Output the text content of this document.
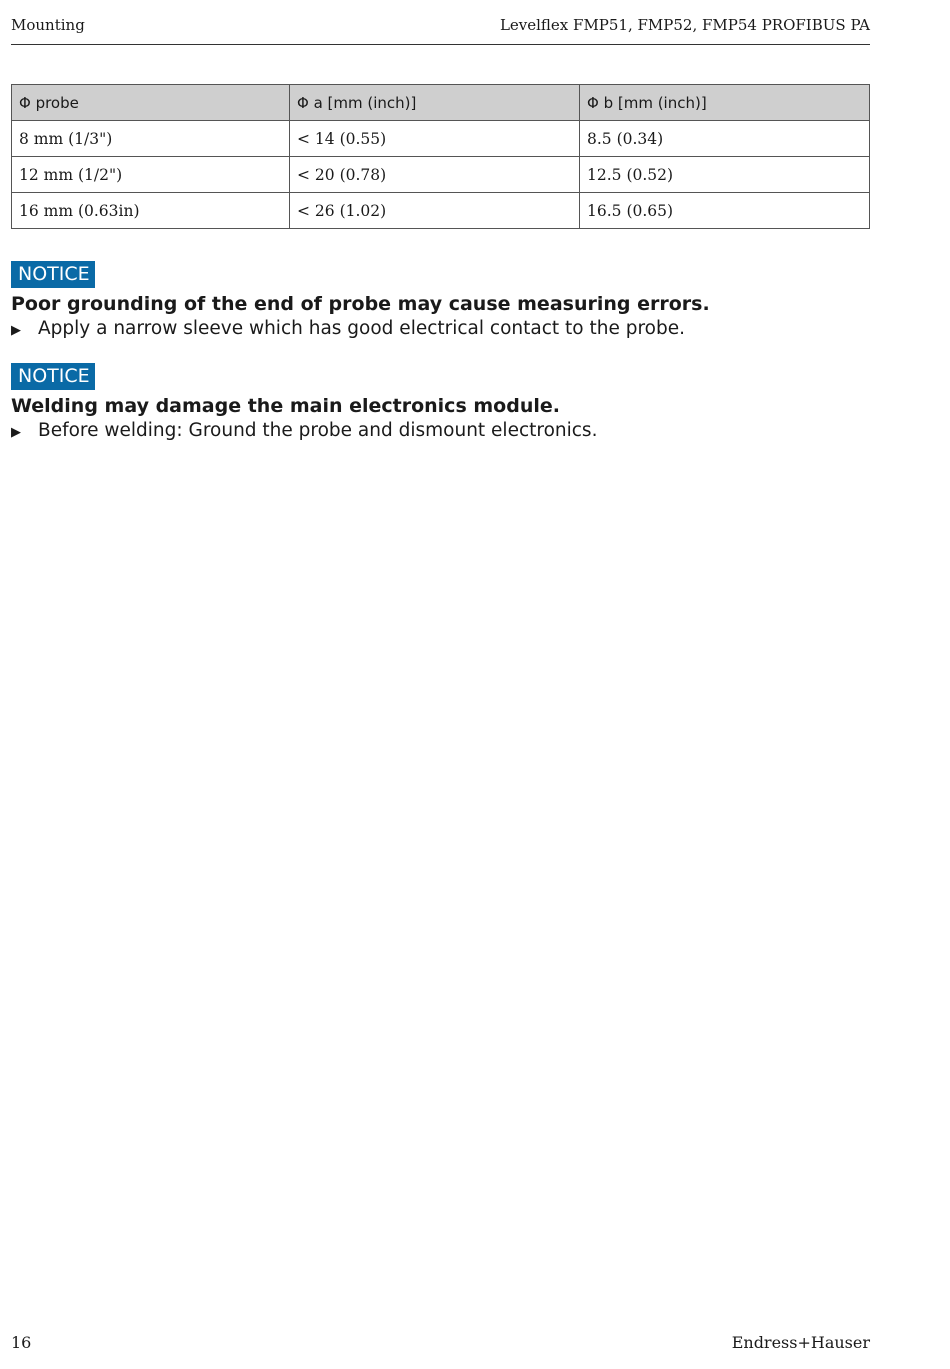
Mounting	Levelflex FMP51, FMP52, FMP54 PROFIBUS PA
Φ probe	Φ a [mm (inch)]	Φ b [mm (inch)]
8 mm (1/3")	< 14 (0.55)	8.5 (0.34)
12 mm (1/2")	< 20 (0.78)	12.5 (0.52)
16 mm (0.63in)	< 26 (1.02)	16.5 (0.65)
NOTICE
Poor grounding of the end of probe may cause measuring errors.
▶ Apply a narrow sleeve which has good electrical contact to the probe.
NOTICE
Welding may damage the main electronics module.
▶ Before welding: Ground the probe and dismount electronics.
16	Endress+Hauser
